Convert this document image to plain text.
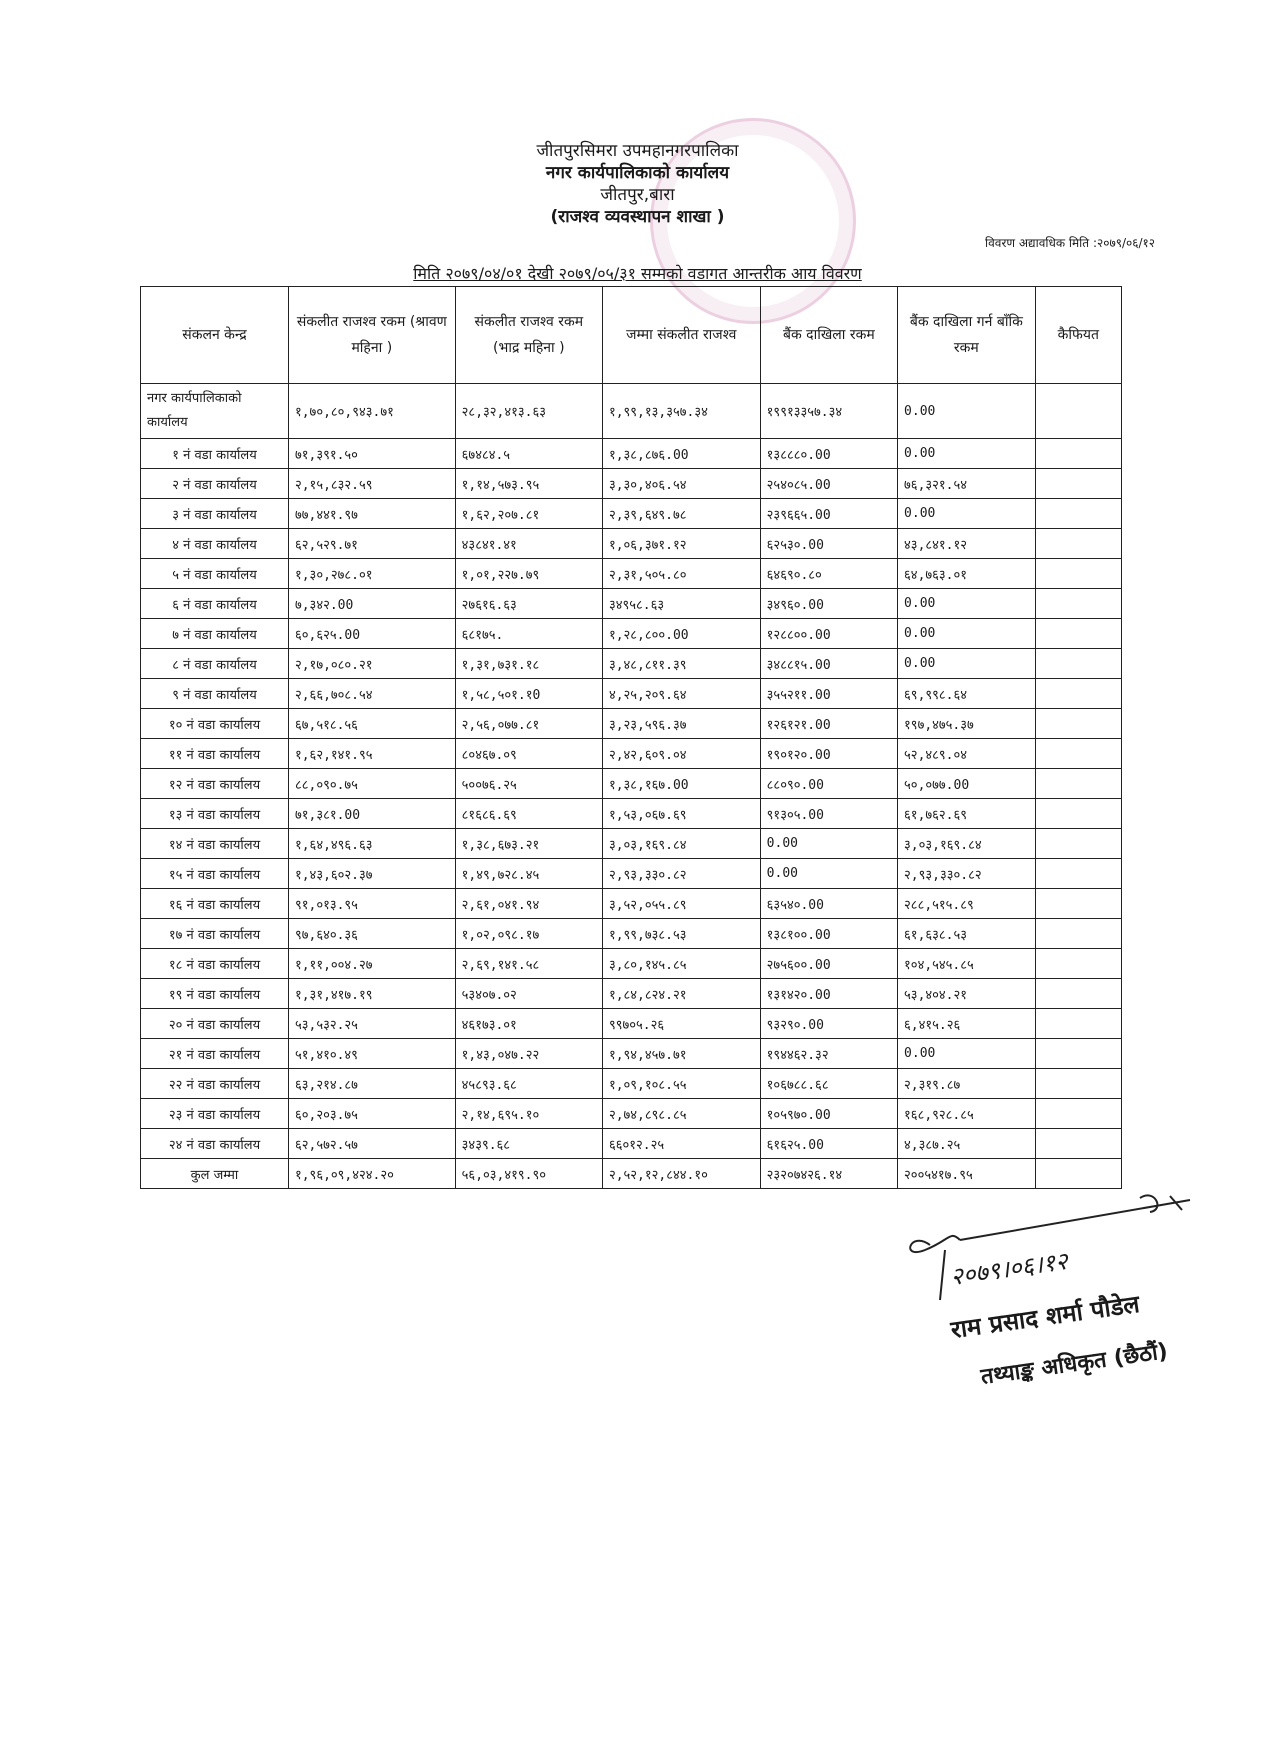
जीतपुरसिमरा उपमहानगरपालिका
नगर कार्यपालिकाको कार्यालय
जीतपुर,बारा
(राजश्व व्यवस्थापन शाखा )
विवरण अद्यावधिक मिति :२०७९/०६/१२
मिति २०७९/०४/०१ देखी २०७९/०५/३१ सम्मको वडागत आन्तरीक आय विवरण
संकलन केन्द्र	संकलीत राजश्व रकम (श्रावण महिना )	संकलीत राजश्व रकम (भाद्र महिना )	जम्मा संकलीत राजश्व	बैंक दाखिला रकम	बैंक दाखिला गर्न बाँकि रकम	कैफियत
नगर कार्यपालिकाको कार्यालय	१,७०,८०,९४३.७१	२८,३२,४१३.६३	१,९९,१३,३५७.३४	१९९१३३५७.३४	0.00	
१ नं वडा कार्यालय	७१,३९१.५०	६७४८४.५	१,३८,८७६.00	१३८८८०.00	0.00	
२ नं वडा कार्यालय	२,१५,८३२.५९	१,१४,५७३.९५	३,३०,४०६.५४	२५४०८५.00	७६,३२१.५४	
३ नं वडा कार्यालय	७७,४४१.९७	१,६२,२०७.८१	२,३९,६४९.७८	२३९६६५.00	0.00	
४ नं वडा कार्यालय	६२,५२९.७१	४३८४१.४१	१,०६,३७१.१२	६२५३०.00	४३,८४१.१२	
५ नं वडा कार्यालय	१,३०,२७८.०१	१,०१,२२७.७९	२,३१,५०५.८०	६४६९०.८०	६४,७६३.०१	
६ नं वडा कार्यालय	७,३४२.00	२७६१६.६३	३४९५८.६३	३४९६०.00	0.00	
७ नं वडा कार्यालय	६०,६२५.00	६८१७५.	१,२८,८००.00	१२८८००.00	0.00	
८ नं वडा कार्यालय	२,१७,०८०.२१	१,३१,७३१.१८	३,४८,८११.३९	३४८८१५.00	0.00	
९ नं वडा कार्यालय	२,६६,७०८.५४	१,५८,५०१.१0	४,२५,२०९.६४	३५५२११.00	६९,९९८.६४	
१० नं वडा कार्यालय	६७,५१८.५६	२,५६,०७७.८१	३,२३,५९६.३७	१२६१२१.00	१९७,४७५.३७	
११ नं वडा कार्यालय	१,६२,१४१.९५	८०४६७.०९	२,४२,६०९.०४	१९०१२०.00	५२,४८९.०४	
१२ नं वडा कार्यालय	८८,०९०.७५	५००७६.२५	१,३८,१६७.00	८८०९०.00	५०,०७७.00	
१३ नं वडा कार्यालय	७१,३८१.00	८१६८६.६९	१,५३,०६७.६९	९१३०५.00	६१,७६२.६९	
१४ नं वडा कार्यालय	१,६४,४९६.६३	१,३८,६७३.२१	३,०३,१६९.८४	0.00	३,०३,१६९.८४	
१५ नं वडा कार्यालय	१,४३,६०२.३७	१,४९,७२८.४५	२,९३,३३०.८२	0.00	२,९३,३३०.८२	
१६ नं वडा कार्यालय	९१,०१३.९५	२,६१,०४१.९४	३,५२,०५५.८९	६३५४०.00	२८८,५१५.८९	
१७ नं वडा कार्यालय	९७,६४०.३६	१,०२,०९८.१७	१,९९,७३८.५३	१३८१००.00	६१,६३८.५३	
१८ नं वडा कार्यालय	१,११,००४.२७	२,६९,१४१.५८	३,८०,१४५.८५	२७५६००.00	१०४,५४५.८५	
१९ नं वडा कार्यालय	१,३१,४१७.१९	५३४०७.०२	१,८४,८२४.२१	१३१४२०.00	५३,४०४.२१	
२० नं वडा कार्यालय	५३,५३२.२५	४६१७३.०१	९९७०५.२६	९३२९०.00	६,४१५.२६	
२१ नं वडा कार्यालय	५१,४१०.४९	१,४३,०४७.२२	१,९४,४५७.७१	१९४४६२.३२	0.00	
२२ नं वडा कार्यालय	६३,२१४.८७	४५८९३.६८	१,०९,१०८.५५	१०६७८८.६८	२,३१९.८७	
२३ नं वडा कार्यालय	६०,२०३.७५	२,१४,६९५.१०	२,७४,८९८.८५	१०५९७०.00	१६८,९२८.८५	
२४ नं वडा कार्यालय	६२,५७२.५७	३४३९.६८	६६०१२.२५	६१६२५.00	४,३८७.२५	
कुल जम्मा	१,९६,०९,४२४.२०	५६,०३,४१९.९०	२,५२,१२,८४४.१०	२३२०७४२६.१४	२००५४१७.९५	
२०७९।०६।१२
राम प्रसाद शर्मा पौडेल
तथ्याङ्क अधिकृत (छैठौं)
